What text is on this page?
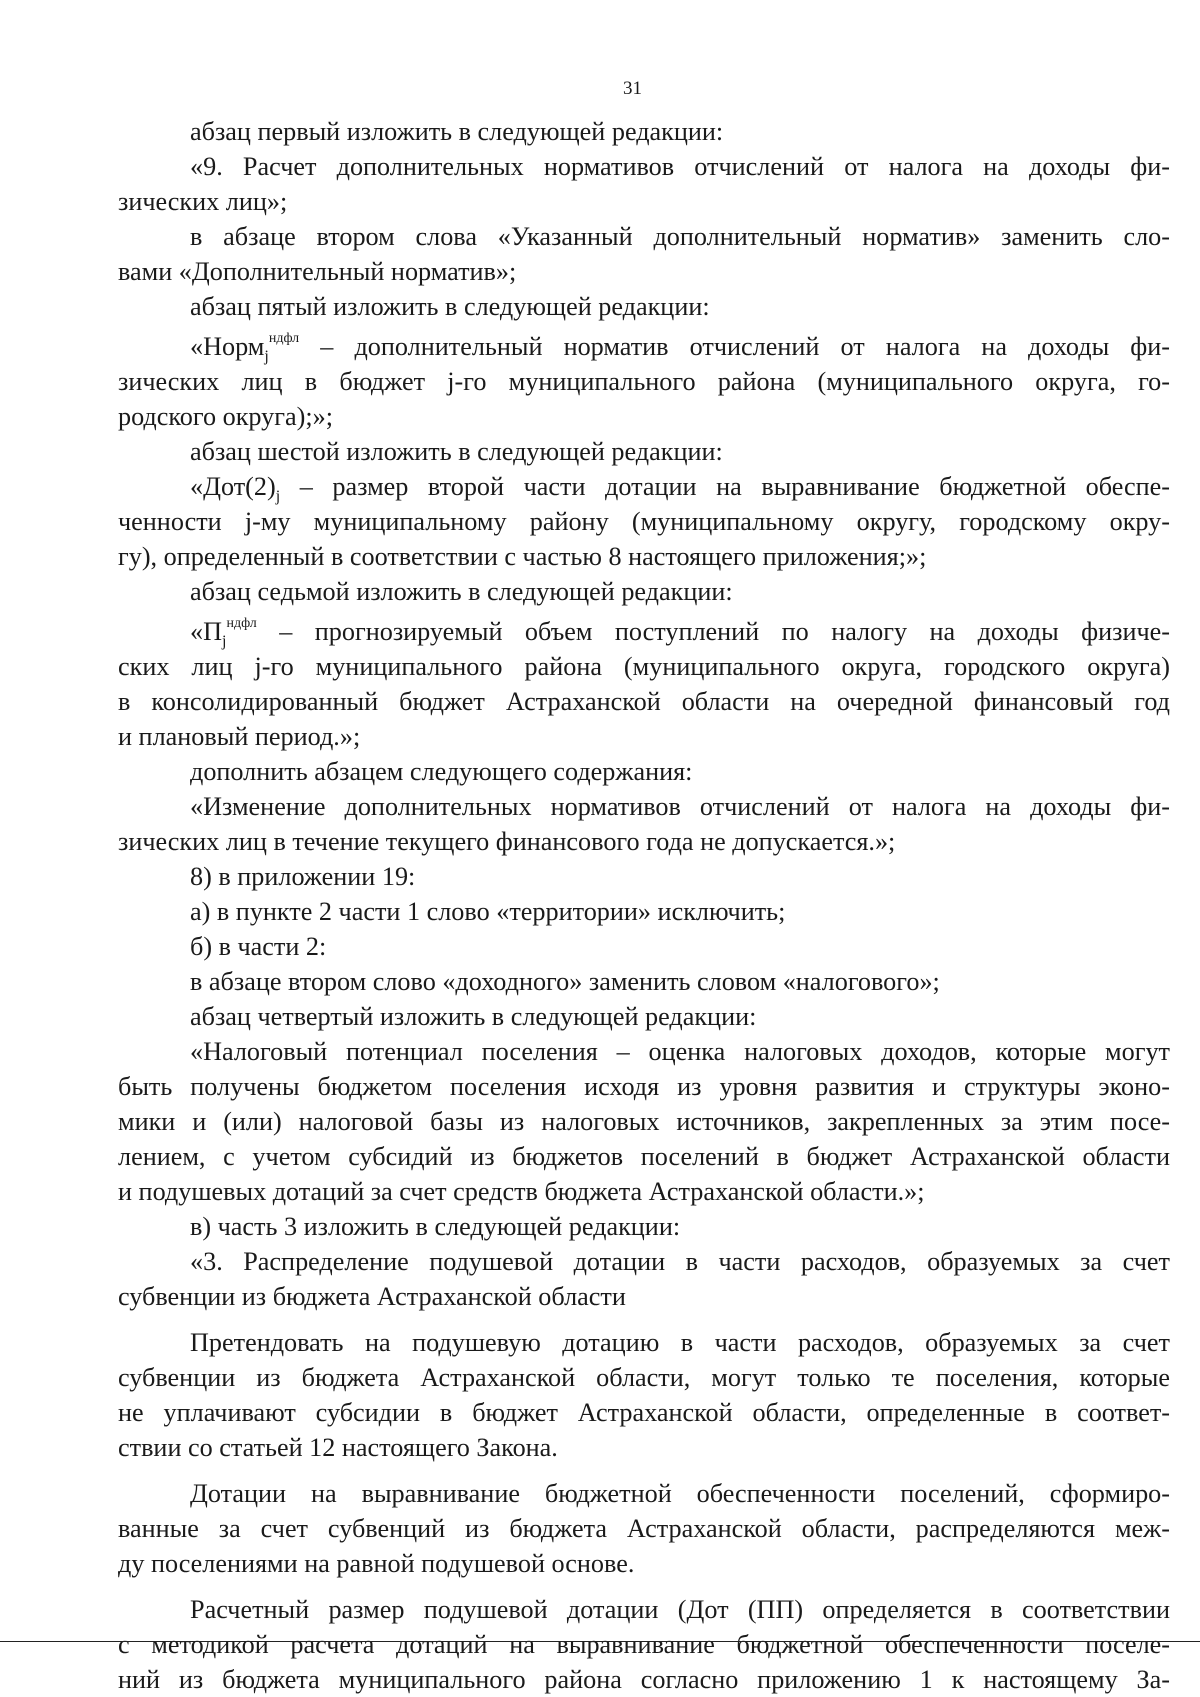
31
абзац первый изложить в следующей редакции:
«9. Расчет дополнительных нормативов отчислений от налога на доходы фи-
зических лиц»;
в абзаце втором слова «Указанный дополнительный норматив» заменить сло-
вами «Дополнительный норматив»;
абзац пятый изложить в следующей редакции:
«Норм$_j^{ндфл}$ – дополнительный норматив отчислений от налога на доходы фи-
зических лиц в бюджет j-го муниципального района (муниципального округа, го-
родского округа);»;
абзац шестой изложить в следующей редакции:
«$Дот(2)_j$ – размер второй части дотации на выравнивание бюджетной обеспе-
ченности j-му муниципальному району (муниципальному округу, городскому окру-
гу), определенный в соответствии с частью 8 настоящего приложения;»;
абзац седьмой изложить в следующей редакции:
«$П_j^{ндфл}$ – прогнозируемый объем поступлений по налогу на доходы физиче-
ских лиц j-го муниципального района (муниципального округа, городского округа)
в консолидированный бюджет Астраханской области на очередной финансовый год
и плановый период.»;
дополнить абзацем следующего содержания:
«Изменение дополнительных нормативов отчислений от налога на доходы фи-
зических лиц в течение текущего финансового года не допускается.»;
8) в приложении 19:
а) в пункте 2 части 1 слово «территории» исключить;
б) в части 2:
в абзаце втором слово «доходного» заменить словом «налогового»;
абзац четвертый изложить в следующей редакции:
«Налоговый потенциал поселения – оценка налоговых доходов, которые могут
быть получены бюджетом поселения исходя из уровня развития и структуры эконо-
мики и (или) налоговой базы из налоговых источников, закрепленных за этим посе-
лением, с учетом субсидий из бюджетов поселений в бюджет Астраханской области
и подушевых дотаций за счет средств бюджета Астраханской области.»;
в) часть 3 изложить в следующей редакции:
«3. Распределение подушевой дотации в части расходов, образуемых за счет
субвенции из бюджета Астраханской области
Претендовать на подушевую дотацию в части расходов, образуемых за счет
субвенции из бюджета Астраханской области, могут только те поселения, которые
не уплачивают субсидии в бюджет Астраханской области, определенные в соответ-
ствии со статьей 12 настоящего Закона.
Дотации на выравнивание бюджетной обеспеченности поселений, сформиро-
ванные за счет субвенций из бюджета Астраханской области, распределяются меж-
ду поселениями на равной подушевой основе.
Расчетный размер подушевой дотации (Дот (ПП) определяется в соответствии
с методикой расчета дотаций на выравнивание бюджетной обеспеченности поселе-
ний из бюджета муниципального района согласно приложению 1 к настоящему За-
